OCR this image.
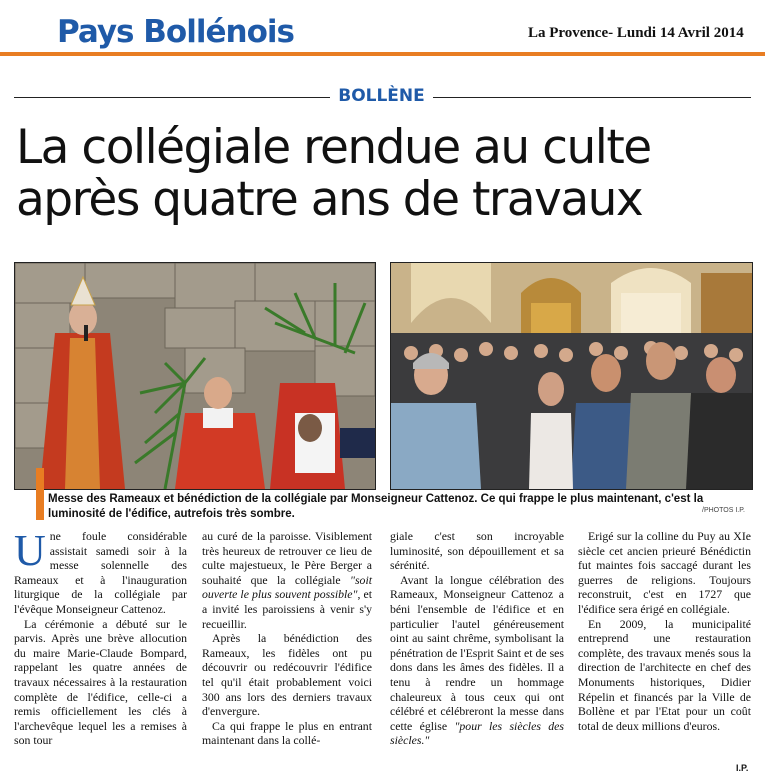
Pays Bollénois	La Provence- Lundi 14 Avril 2014
BOLLÈNE
La collégiale rendue au culte
après quatre ans de travaux
Messe des Rameaux et bénédiction de la collégiale par Monseigneur Cattenoz. Ce qui frappe le plus maintenant, c'est la luminosité de l'édifice, autrefois très sombre.	/PHOTOS I.P.

Une foule considérable assistait samedi soir à la messe solennelle des Rameaux et à l'inauguration liturgique de la collégiale par l'évêque Monseigneur Cattenoz.

La cérémonie a débuté sur le parvis. Après une brève allocution du maire Marie-Claude Bompard, rappelant les quatre années de travaux nécessaires à la restauration complète de l'édifice, celle-ci a remis officiellement les clés à l'archevêque lequel les a remises à son tour

au curé de la paroisse. Visiblement très heureux de retrouver ce lieu de culte majestueux, le Père Berger a souhaité que la collégiale "soit ouverte le plus souvent possible", et a invité les paroissiens à venir s'y recueillir.

Après la bénédiction des Rameaux, les fidèles ont pu découvrir ou redécouvrir l'édifice tel qu'il était probablement voici 300 ans lors des derniers travaux d'envergure.

Ca qui frappe le plus en entrant maintenant dans la collé-

giale c'est son incroyable luminosité, son dépouillement et sa sérénité.

Avant la longue célébration des Rameaux, Monseigneur Cattenoz a béni l'ensemble de l'édifice et en particulier l'autel généreusement oint au saint chrême, symbolisant la pénétration de l'Esprit Saint et de ses dons dans les âmes des fidèles. Il a tenu à rendre un hommage chaleureux à tous ceux qui ont célébré et célébreront la messe dans cette église "pour les siècles des siècles."

Erigé sur la colline du Puy au XIe siècle cet ancien prieuré Bénédictin fut maintes fois saccagé durant les guerres de religions. Toujours reconstruit, c'est en 1727 que l'édifice sera érigé en collégiale.

En 2009, la municipalité entreprend une restauration complète, des travaux menés sous la direction de l'architecte en chef des Monuments historiques, Didier Répelin et financés par la Ville de Bollène et par l'Etat pour un coût total de deux millions d'euros.

I.P.
